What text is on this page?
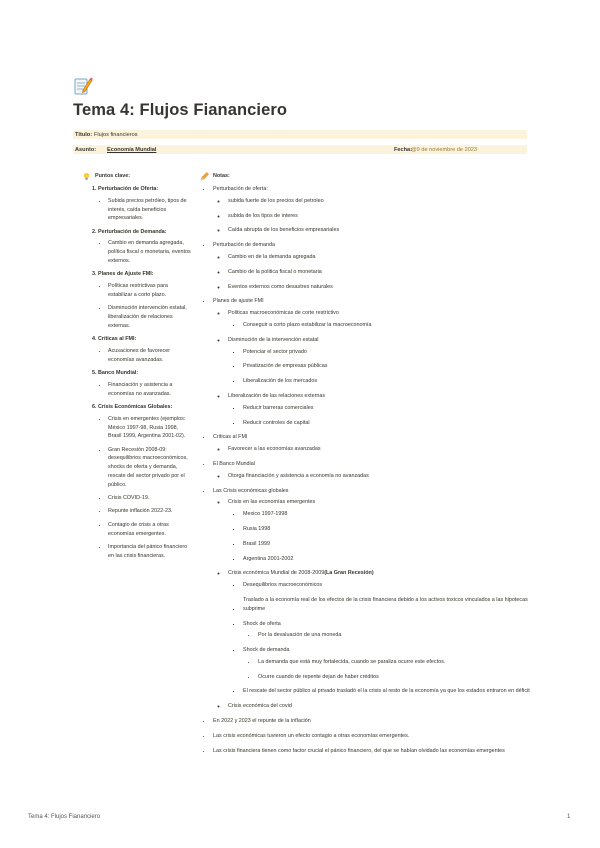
Tema 4: Flujos Fiananciero
Título: Flujos financieros
Asunto: Economía Mundial	Fecha:
@9 de noviembre de 2023
Puntos clave:
1. Perturbación de Oferta:
• Subida precios petróleo, tipos de interés, caída beneficios empresariales.
2. Perturbación de Demanda:
• Cambio en demanda agregada, política fiscal o monetaria, eventos externos.
3. Planes de Ajuste FMI:
• Políticas restrictivas para estabilizar a corto plazo.
• Disminución intervención estatal, liberalización de relaciones externas.
4. Críticas al FMI:
• Acusaciones de favorecer economías avanzadas.
5. Banco Mundial:
• Financiación y asistencia a economías no avanzadas.
6. Crisis Económicas Globales:
• Crisis en emergentes (ejemplos: México 1997-98, Rusia 1998, Brasil 1999, Argentina 2001-02).
• Gran Recesión 2008-09: desequilibrios macroeconómicos, shocks de oferta y demanda, rescate del sector privado por el público.
• Crisis COVID-19.
• Repunte inflación 2022-23.
• Contagio de crisis a otras economías emergentes.
• Importancia del pánico financiero en las crisis financieras.
Notas:
• Perturbación de oferta:
◦ subida fuerte de los precios del petroleo
◦ subida de los tipos de interes
◦ Caída abrupta de los beneficios empresariales
• Perturbación de demanda
◦ Cambio en de la demanda agregada
◦ Cambio de la politica fiscal o monetaria
◦ Eventos externos como desastres naturales
• Planes de ajuste FMI
◦ Politicas macroeconómicas de corte restrictivo
▪ Conseguir a corto plazo estabilizar la macroeconomía
◦ Disminución de la intervención estatal
▪ Potenciar el sector privado
▪ Privatización de empresas públicas
▪ Liberalización de los mercados
◦ Liberalización de las relaciones externas
▪ Reducir barreras comerciales
▪ Reducir controles de capital
• Criticas al FMI
◦ Favorecer a las economías avanzadas
• El Banco Mundial
◦ Otorga financiación y asistencia a economía no avanzadas
• Las Crisis económicas globales
◦ Crisis en las economías emergentes
▪ Mexico 1997-1998
▪ Rusia 1998
▪ Brasil 1999
▪ Argentina 2001-2002
◦ Crisis económica Mundial de 2008-2009(La Gran Recesión)
▪ Desequilibrios macroeconómicos
▪ Traslado a la economía real de los efectos de la crisis financiera debido a los activos toxicos vinculados a las hipotecas subprime
▪ Shock de oferta
• Por la devaluación de una moneda
▪ Shock de demanda
• La demanda que está muy fortalecida, cuando se paraliza ocurre este efectos.
• Ocurre cuando de repente dejan de haber créditos
▪ El rescate del sector público al privado trasladó el la crisis al resto de la economía ya que los estados entraron en déficit
◦ Crisis económica del covid
• En 2022 y 2023 el repunte de la inflación
• Las crisis económicas tuvieron un efecto contagio a otras economías emergentes.
• Las crisis financiera tienen como factor crucial el pánico financiero, del que se habían olvidado las economías emergentes
Tema 4: Flujos Fiananciero	1
